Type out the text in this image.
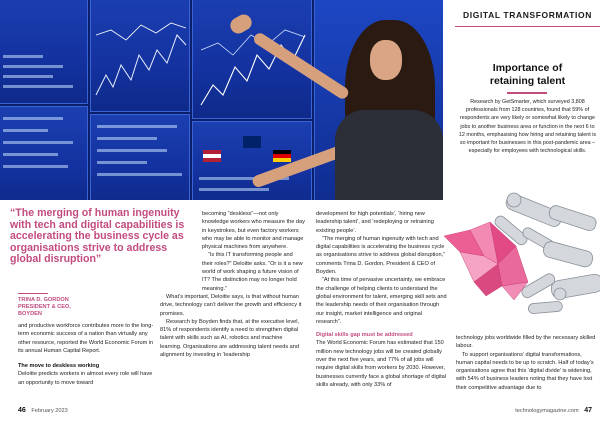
DIGITAL TRANSFORMATION
Importance of
retaining talent
Research by GetSmarter, which surveyed 3,808 professionals from 128 countries, found that 59% of respondents are very likely or somewhat likely to change jobs to another business area or function in the next 6 to 12 months, emphasising how hiring and retaining talent is so important for businesses in this post-pandemic area – especially for employees with technological skills.
“The merging of human ingenuity with tech and digital capabilities is accelerating the business cycle as organisations strive to address global disruption”
TRINA D. GORDON
PRESIDENT & CEO,
BOYDEN

and productive workforce contributes more to the long-term economic success of a nation than virtually any other resource, reported the World Economic Forum in its annual Human Capital Report.

The move to deskless working

Deloitte predicts workers in almost every role will have an opportunity to move toward

becoming “deskless”—not only knowledge workers who measure the day in keystrokes, but even factory workers who may be able to monitor and manage physical machines from anywhere.

“Is this IT transforming people and their roles?” Deloitte asks. “Or is it a new world of work shaping a future vision of IT? The distinction may no longer hold meaning.”

What’s important, Deloitte says, is that without human drive, technology can’t deliver the growth and efficiency it promises.

Research by Boyden finds that, at the executive level, 81% of respondents identify a need to strengthen digital talent with skills such as AI, robotics and machine learning. Organisations are addressing talent needs and alignment by investing in ‘leadership

development for high potentials’, ‘hiring new leadership talent’, and ‘redeploying or retraining existing people’.

“The merging of human ingenuity with tech and digital capabilities is accelerating the business cycle as organisations strive to address global disruption,” comments Trina D. Gordon, President & CEO of Boyden.

“At this time of pervasive uncertainty, we embrace the challenge of helping clients to understand the global environment for talent, emerging skill sets and the leadership needs of their organisation through our insight, market intelligence and original research”.

Digital skills gap must be addressed

The World Economic Forum has estimated that 150 million new technology jobs will be created globally over the next five years, and 77% of all jobs will require digital skills from workers by 2030. However, businesses currently face a global shortage of digital skills already, with only 33% of

technology jobs worldwide filled by the necessary skilled labour.

To support organisations’ digital transformations, human capital needs to be up to scratch. Half of today’s organisations agree that this ‘digital divide’ is widening, with 54% of business leaders noting that they have lost their competitive advantage due to

46 February 2023	technologymagazine.com 47
